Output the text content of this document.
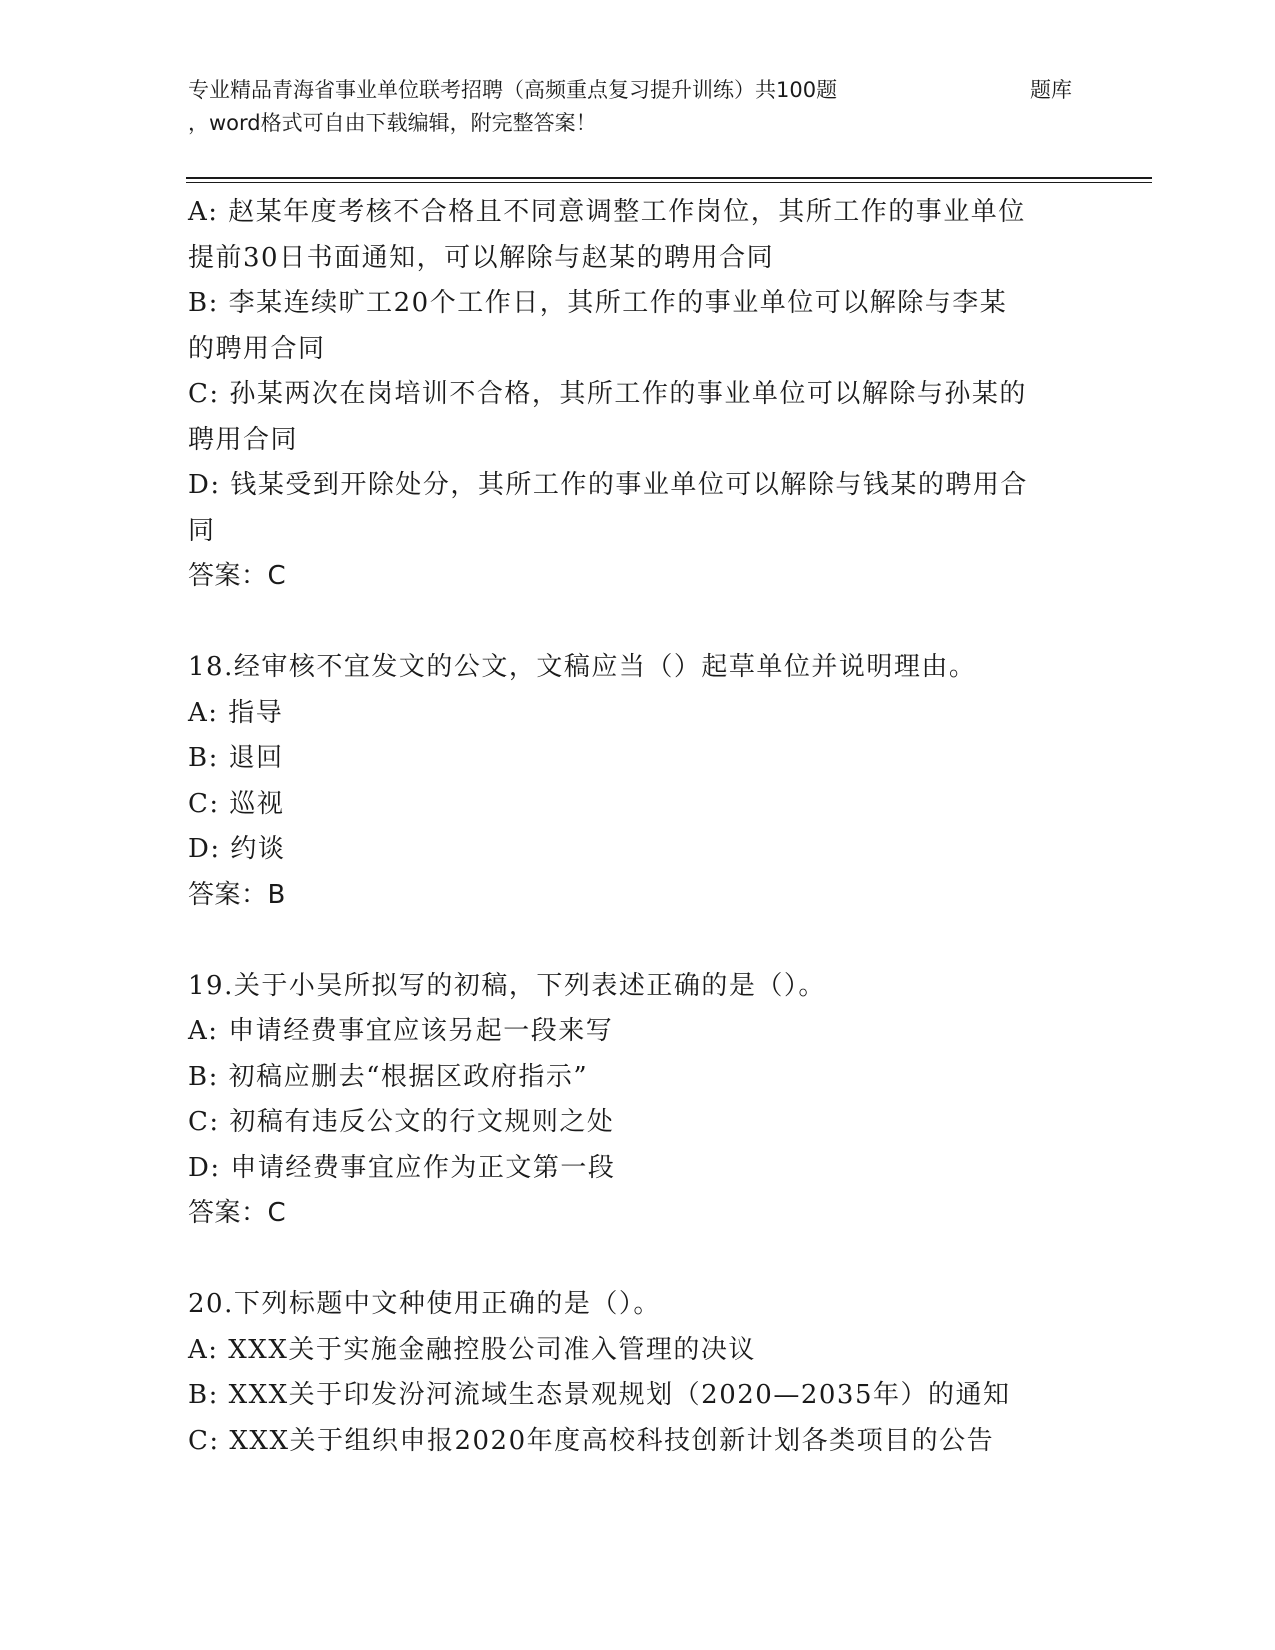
专业精品青海省事业单位联考招聘（高频重点复习提升训练）共100题	题库
，word格式可自由下载编辑，附完整答案！
A: 赵某年度考核不合格且不同意调整工作岗位，其所工作的事业单位
提前30日书面通知，可以解除与赵某的聘用合同
B: 李某连续旷工20个工作日，其所工作的事业单位可以解除与李某
的聘用合同
C: 孙某两次在岗培训不合格，其所工作的事业单位可以解除与孙某的
聘用合同
D: 钱某受到开除处分，其所工作的事业单位可以解除与钱某的聘用合
同
答案：C
18.经审核不宜发文的公文，文稿应当（）起草单位并说明理由。
A: 指导
B: 退回
C: 巡视
D: 约谈
答案：B
19.关于小吴所拟写的初稿，下列表述正确的是（）。
A: 申请经费事宜应该另起一段来写
B: 初稿应删去“根据区政府指示”
C: 初稿有违反公文的行文规则之处
D: 申请经费事宜应作为正文第一段
答案：C
20.下列标题中文种使用正确的是（）。
A: XXX关于实施金融控股公司准入管理的决议
B: XXX关于印发汾河流域生态景观规划（2020—2035年）的通知
C: XXX关于组织申报2020年度高校科技创新计划各类项目的公告
